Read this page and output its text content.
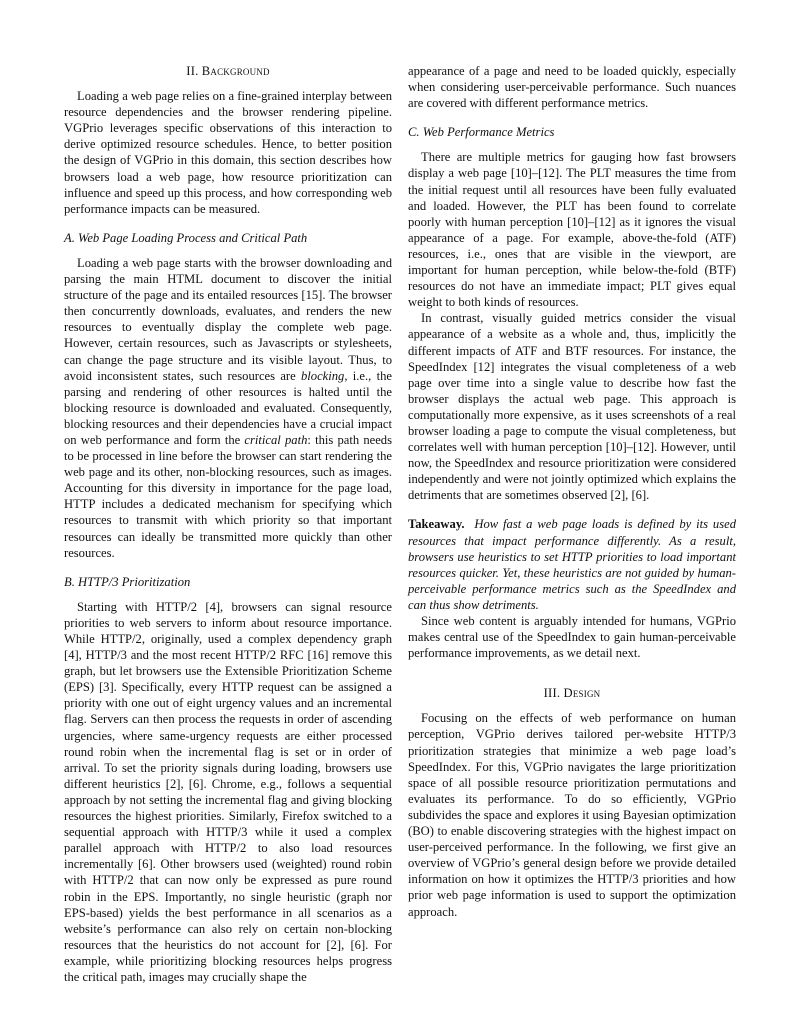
II. Background

Loading a web page relies on a fine-grained interplay between resource dependencies and the browser rendering pipeline. VGPrio leverages specific observations of this interaction to derive optimized resource schedules. Hence, to better position the design of VGPrio in this domain, this section describes how browsers load a web page, how resource prioritization can influence and speed up this process, and how corresponding web performance impacts can be measured.

A. Web Page Loading Process and Critical Path

Loading a web page starts with the browser downloading and parsing the main HTML document to discover the initial structure of the page and its entailed resources [15]. The browser then concurrently downloads, evaluates, and renders the new resources to eventually display the complete web page. However, certain resources, such as Javascripts or stylesheets, can change the page structure and its visible layout. Thus, to avoid inconsistent states, such resources are blocking, i.e., the parsing and rendering of other resources is halted until the blocking resource is downloaded and evaluated. Consequently, blocking resources and their dependencies have a crucial impact on web performance and form the critical path: this path needs to be processed in line before the browser can start rendering the web page and its other, non-blocking resources, such as images. Accounting for this diversity in importance for the page load, HTTP includes a dedicated mechanism for specifying which resources to transmit with which priority so that important resources can ideally be transmitted more quickly than other resources.

B. HTTP/3 Prioritization

Starting with HTTP/2 [4], browsers can signal resource priorities to web servers to inform about resource importance. While HTTP/2, originally, used a complex dependency graph [4], HTTP/3 and the most recent HTTP/2 RFC [16] remove this graph, but let browsers use the Extensible Prioritization Scheme (EPS) [3]. Specifically, every HTTP request can be assigned a priority with one out of eight urgency values and an incremental flag. Servers can then process the requests in order of ascending urgencies, where same-urgency requests are either processed round robin when the incremental flag is set or in order of arrival. To set the priority signals during loading, browsers use different heuristics [2], [6]. Chrome, e.g., follows a sequential approach by not setting the incremental flag and giving blocking resources the highest priorities. Similarly, Firefox switched to a sequential approach with HTTP/3 while it used a complex parallel approach with HTTP/2 to also load resources incrementally [6]. Other browsers used (weighted) round robin with HTTP/2 that can now only be expressed as pure round robin in the EPS. Importantly, no single heuristic (graph nor EPS-based) yields the best performance in all scenarios as a website’s performance can also rely on certain non-blocking resources that the heuristics do not account for [2], [6]. For example, while prioritizing blocking resources helps progress the critical path, images may crucially shape the

appearance of a page and need to be loaded quickly, especially when considering user-perceivable performance. Such nuances are covered with different performance metrics.

C. Web Performance Metrics

There are multiple metrics for gauging how fast browsers display a web page [10]–[12]. The PLT measures the time from the initial request until all resources have been fully evaluated and loaded. However, the PLT has been found to correlate poorly with human perception [10]–[12] as it ignores the visual appearance of a page. For example, above-the-fold (ATF) resources, i.e., ones that are visible in the viewport, are important for human perception, while below-the-fold (BTF) resources do not have an immediate impact; PLT gives equal weight to both kinds of resources.

In contrast, visually guided metrics consider the visual appearance of a website as a whole and, thus, implicitly the different impacts of ATF and BTF resources. For instance, the SpeedIndex [12] integrates the visual completeness of a web page over time into a single value to describe how fast the browser displays the actual web page. This approach is computationally more expensive, as it uses screenshots of a real browser loading a page to compute the visual completeness, but correlates well with human perception [10]–[12]. However, until now, the SpeedIndex and resource prioritization were considered independently and were not jointly optimized which explains the detriments that are sometimes observed [2], [6].

Takeaway. How fast a web page loads is defined by its used resources that impact performance differently. As a result, browsers use heuristics to set HTTP priorities to load important resources quicker. Yet, these heuristics are not guided by human-perceivable performance metrics such as the SpeedIndex and can thus show detriments.

Since web content is arguably intended for humans, VGPrio makes central use of the SpeedIndex to gain human-perceivable performance improvements, as we detail next.

III. Design

Focusing on the effects of web performance on human perception, VGPrio derives tailored per-website HTTP/3 prioritization strategies that minimize a web page load’s SpeedIndex. For this, VGPrio navigates the large prioritization space of all possible resource prioritization permutations and evaluates its performance. To do so efficiently, VGPrio subdivides the space and explores it using Bayesian optimization (BO) to enable discovering strategies with the highest impact on user-perceived performance. In the following, we first give an overview of VGPrio’s general design before we provide detailed information on how it optimizes the HTTP/3 priorities and how prior web page information is used to support the optimization approach.
